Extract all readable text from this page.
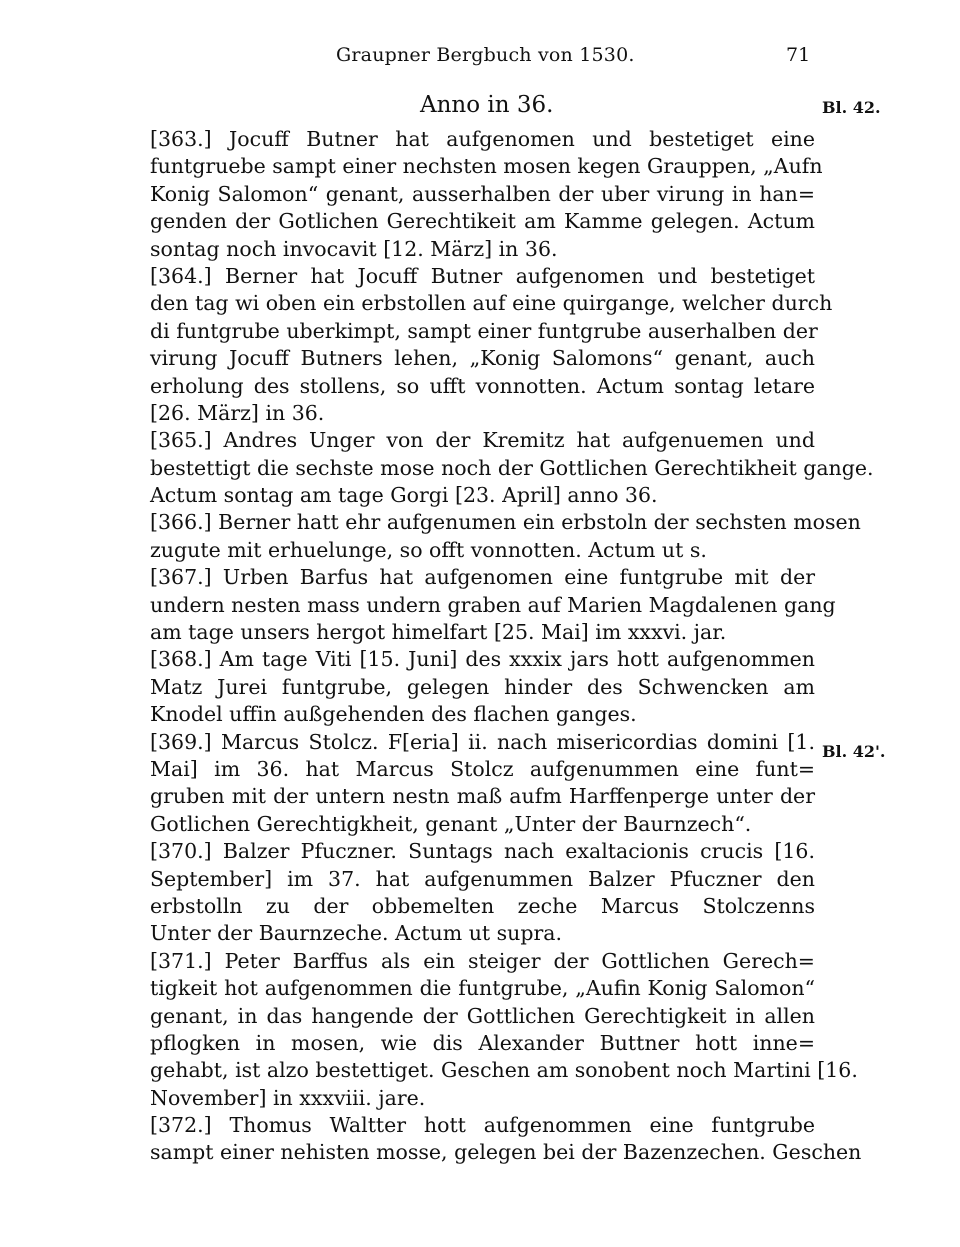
Graupner Bergbuch von 1530.	71
Anno in 36.	Bl. 42.
Bl. 42'.
[363.] Jocuff Butner hat aufgenomen und bestetiget eine
funtgruebe sampt einer nechsten mosen kegen Grauppen, „Aufn
Konig Salomon“ genant, ausserhalben der uber virung in han=
genden der Gotlichen Gerechtikeit am Kamme gelegen. Actum
sontag noch invocavit [12. März] in 36.
[364.] Berner hat Jocuff Butner aufgenomen und bestetiget
den tag wi oben ein erbstollen auf eine quirgange, welcher durch
di funtgrube uberkimpt, sampt einer funtgrube auserhalben der
virung Jocuff Butners lehen, „Konig Salomons“ genant, auch
erholung des stollens, so ufft vonnotten. Actum sontag letare
[26. März] in 36.
[365.] Andres Unger von der Kremitz hat aufgenuemen und
bestettigt die sechste mose noch der Gottlichen Gerechtikheit gange.
Actum sontag am tage Gorgi [23. April] anno 36.
[366.] Berner hatt ehr aufgenumen ein erbstoln der sechsten mosen
zugute mit erhuelunge, so offt vonnotten. Actum ut s.
[367.] Urben Barfus hat aufgenomen eine funtgrube mit der
undern nesten mass undern graben auf Marien Magdalenen gang
am tage unsers hergot himelfart [25. Mai] im xxxvi. jar.
[368.] Am tage Viti [15. Juni] des xxxix jars hott aufgenommen
Matz Jurei funtgrube, gelegen hinder des Schwencken am
Knodel uffin außgehenden des flachen ganges.
[369.] Marcus Stolcz. F[eria] ii. nach misericordias domini [1.
Mai] im 36. hat Marcus Stolcz aufgenummen eine funt=
gruben mit der untern nestn maß aufm Harffenperge unter der
Gotlichen Gerechtigkheit, genant „Unter der Baurnzech“.
[370.] Balzer Pfuczner. Suntags nach exaltacionis crucis [16.
September] im 37. hat aufgenummen Balzer Pfuczner den
erbstolln zu der obbemelten zeche Marcus Stolczenns
Unter der Baurnzeche. Actum ut supra.
[371.] Peter Barffus als ein steiger der Gottlichen Gerech=
tigkeit hot aufgenommen die funtgrube, „Aufin Konig Salomon“
genant, in das hangende der Gottlichen Gerechtigkeit in allen
pflogken in mosen, wie dis Alexander Buttner hott inne=
gehabt, ist alzo bestettiget. Geschen am sonobent noch Martini [16.
November] in xxxviii. jare.
[372.] Thomus Waltter hott aufgenommen eine funtgrube
sampt einer nehisten mosse, gelegen bei der Bazenzechen. Geschen
